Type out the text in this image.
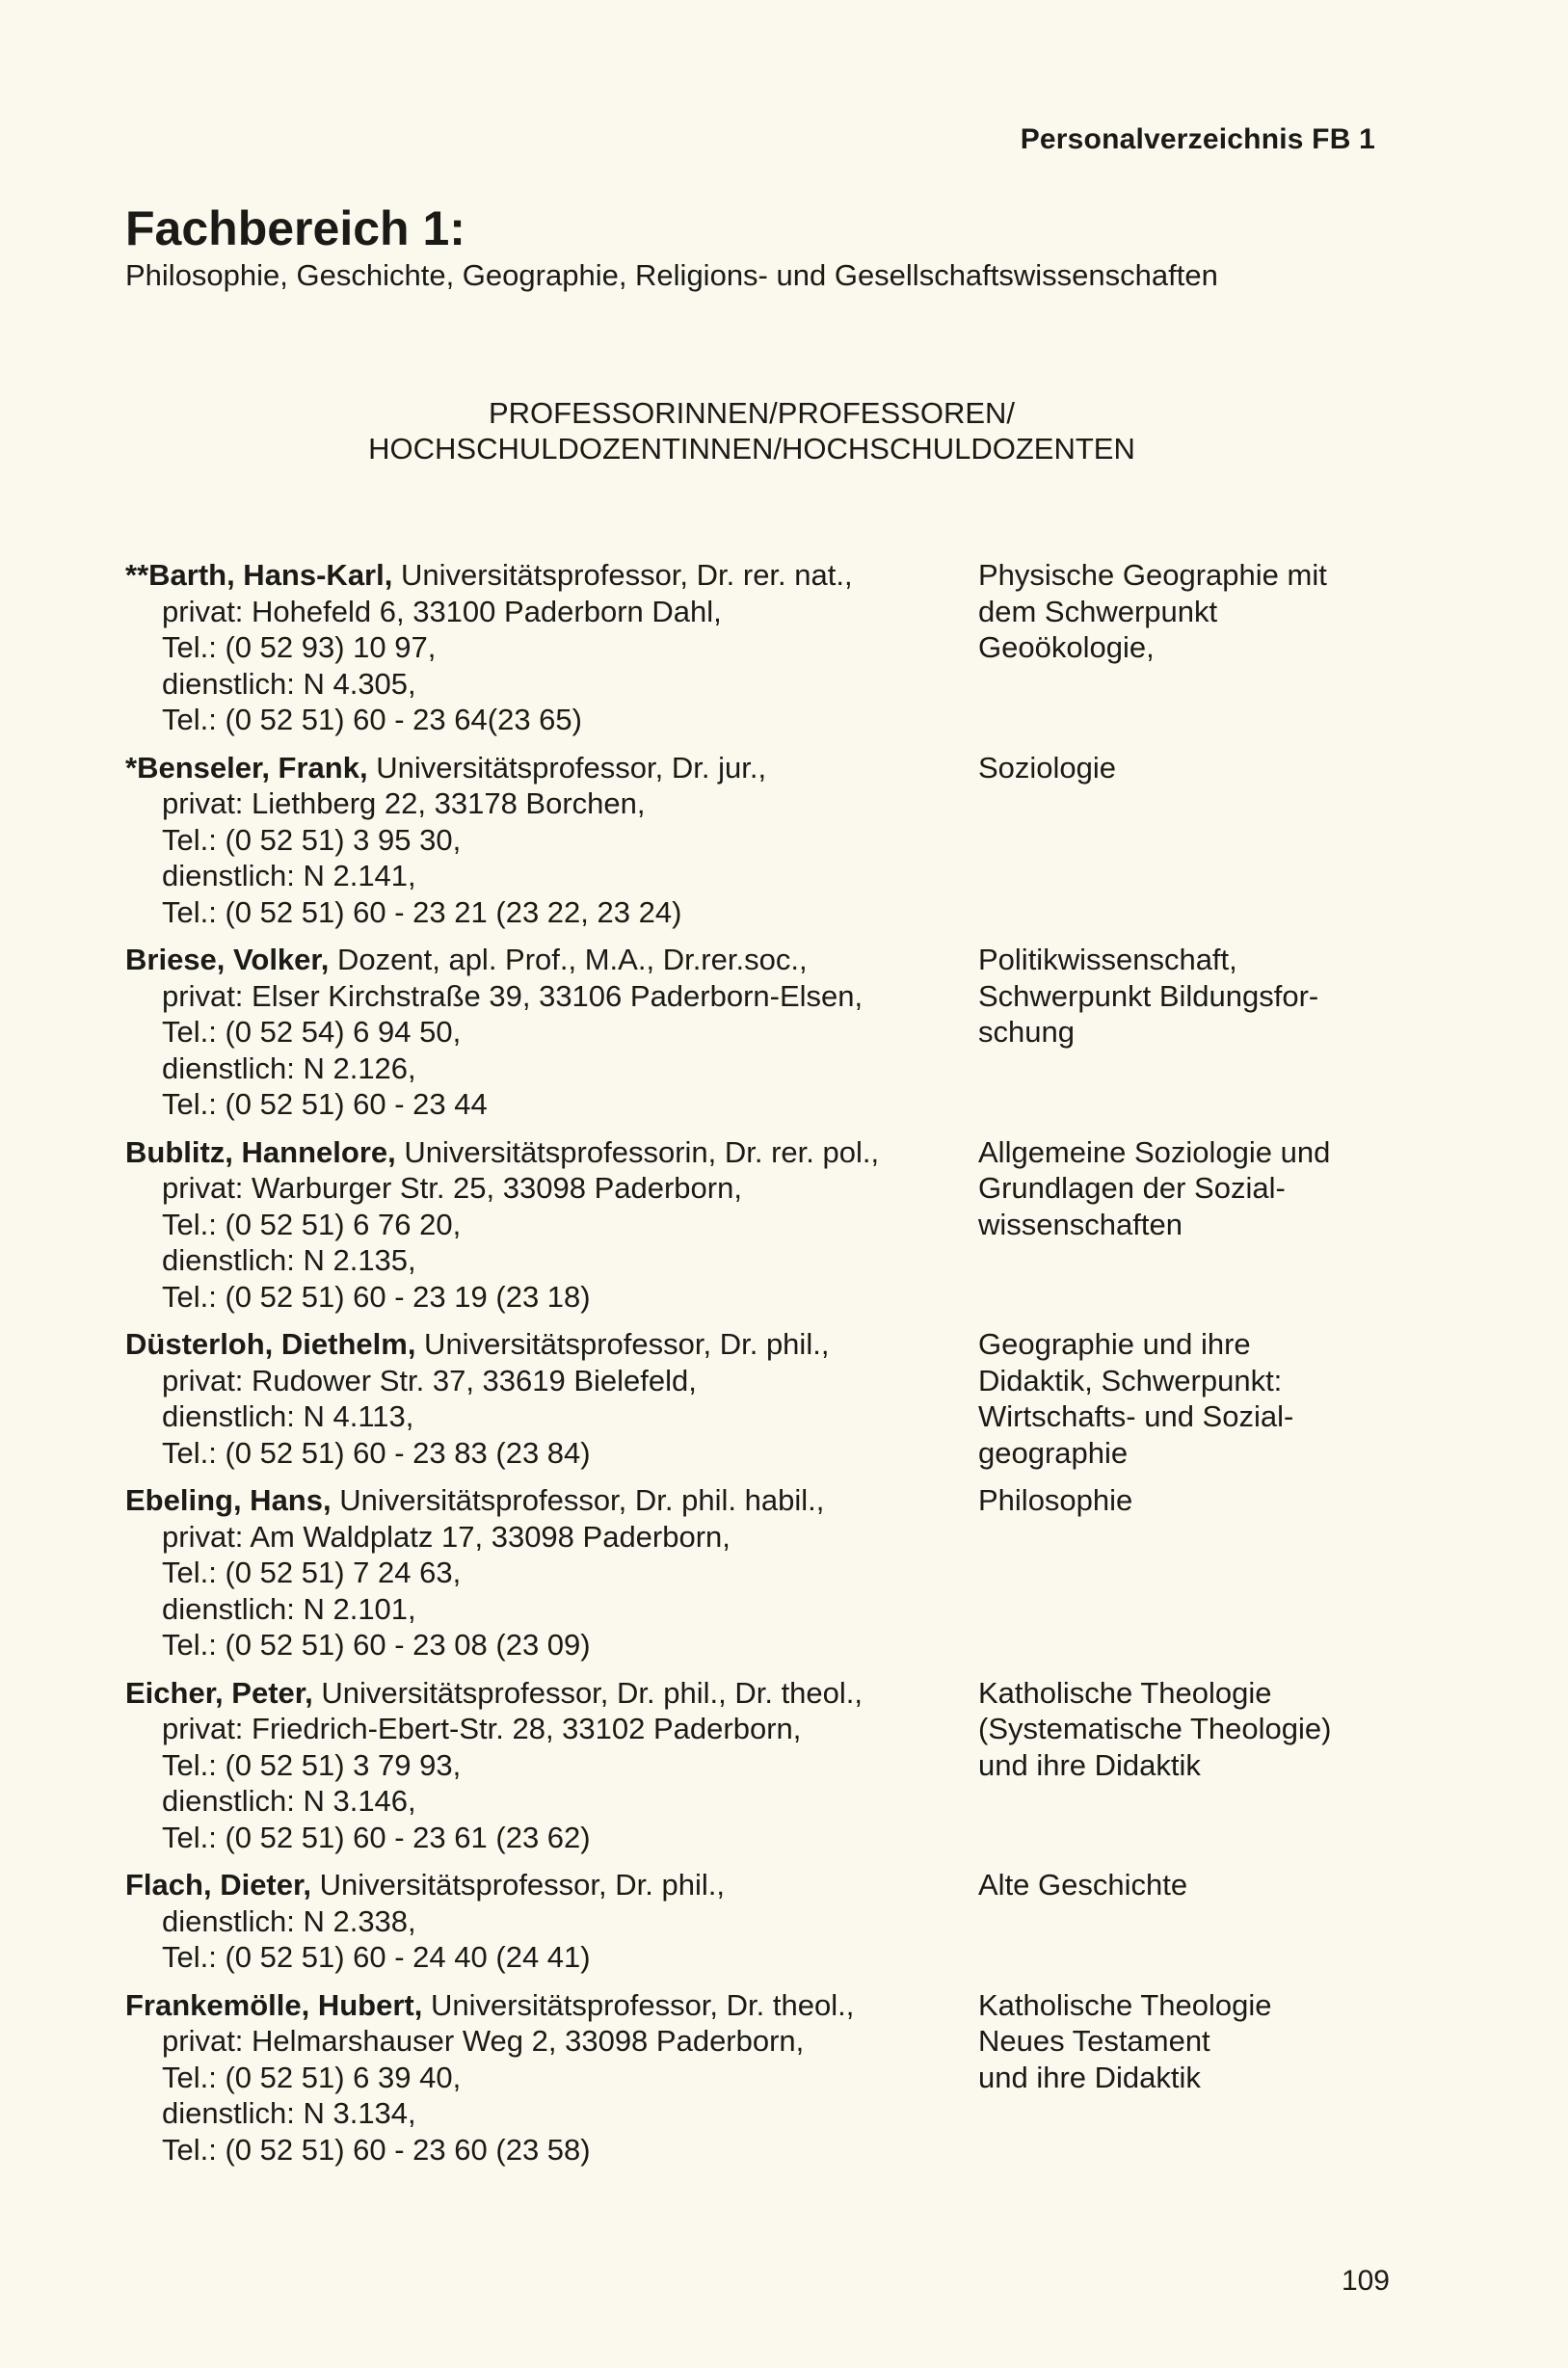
Personalverzeichnis FB 1
Fachbereich 1:
Philosophie, Geschichte, Geographie, Religions- und Gesellschaftswissenschaften
PROFESSORINNEN/PROFESSOREN/
HOCHSCHULDOZENTINNEN/HOCHSCHULDOZENTEN
**Barth, Hans-Karl, Universitätsprofessor, Dr. rer. nat.,
privat: Hohefeld 6, 33100 Paderborn Dahl,
Tel.: (0 52 93) 10 97,
dienstlich: N 4.305,
Tel.: (0 52 51) 60 - 23 64(23 65)
Physische Geographie mit
dem Schwerpunkt
Geoökologie,
*Benseler, Frank, Universitätsprofessor, Dr. jur.,
privat: Liethberg 22, 33178 Borchen,
Tel.: (0 52 51) 3 95 30,
dienstlich: N 2.141,
Tel.: (0 52 51) 60 - 23 21 (23 22, 23 24)
Soziologie
Briese, Volker, Dozent, apl. Prof., M.A., Dr.rer.soc.,
privat: Elser Kirchstraße 39, 33106 Paderborn-Elsen,
Tel.: (0 52 54) 6 94 50,
dienstlich: N 2.126,
Tel.: (0 52 51) 60 - 23 44
Politikwissenschaft,
Schwerpunkt Bildungsfor-
schung
Bublitz, Hannelore, Universitätsprofessorin, Dr. rer. pol.,
privat: Warburger Str. 25, 33098 Paderborn,
Tel.: (0 52 51) 6 76 20,
dienstlich: N 2.135,
Tel.: (0 52 51) 60 - 23 19 (23 18)
Allgemeine Soziologie und
Grundlagen der Sozial-
wissenschaften
Düsterloh, Diethelm, Universitätsprofessor, Dr. phil.,
privat: Rudower Str. 37, 33619 Bielefeld,
dienstlich: N 4.113,
Tel.: (0 52 51) 60 - 23 83 (23 84)
Geographie und ihre
Didaktik, Schwerpunkt:
Wirtschafts- und Sozial-
geographie
Ebeling, Hans, Universitätsprofessor, Dr. phil. habil.,
privat: Am Waldplatz 17, 33098 Paderborn,
Tel.: (0 52 51) 7 24 63,
dienstlich: N 2.101,
Tel.: (0 52 51) 60 - 23 08 (23 09)
Philosophie
Eicher, Peter, Universitätsprofessor, Dr. phil., Dr. theol.,
privat: Friedrich-Ebert-Str. 28, 33102 Paderborn,
Tel.: (0 52 51) 3 79 93,
dienstlich: N 3.146,
Tel.: (0 52 51) 60 - 23 61 (23 62)
Katholische Theologie
(Systematische Theologie)
und ihre Didaktik
Flach, Dieter, Universitätsprofessor, Dr. phil.,
dienstlich: N 2.338,
Tel.: (0 52 51) 60 - 24 40 (24 41)
Alte Geschichte
Frankemölle, Hubert, Universitätsprofessor, Dr. theol.,
privat: Helmarshauser Weg 2, 33098 Paderborn,
Tel.: (0 52 51) 6 39 40,
dienstlich: N 3.134,
Tel.: (0 52 51) 60 - 23 60 (23 58)
Katholische Theologie
Neues Testament
und ihre Didaktik
109
